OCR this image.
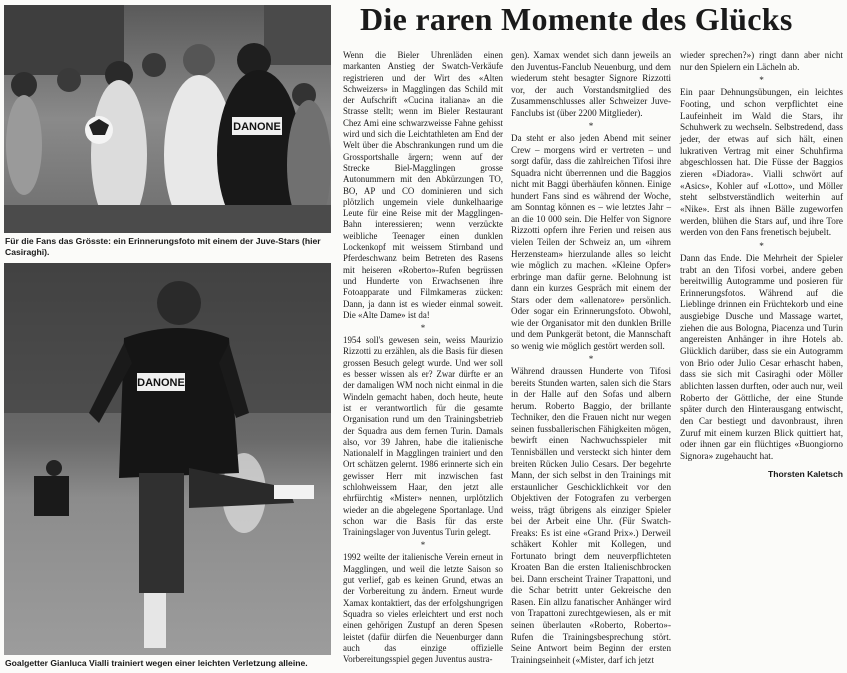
DANONE
Für die Fans das Grösste: ein Erinnerungsfoto mit einem der Juve-Stars (hier Casiraghi).
DANONE
Goalgetter Gianluca Vialli trainiert wegen einer leichten Verletzung alleine.
Die raren Momente des Glücks

Wenn die Bieler Uhrenläden einen markanten Anstieg der Swatch-Verkäufe registrieren und der Wirt des «Alten Schweizers» in Magglingen das Schild mit der Aufschrift «Cucina italiana» an die Strasse stellt; wenn im Bieler Restaurant Chez Ami eine schwarzweisse Fahne gehisst wird und sich die Leichtathleten am End der Welt über die Abschrankungen rund um die Grossportshalle ärgern; wenn auf der Strecke Biel-Magglingen grosse Autonummern mit den Abkürzungen TO, BO, AP und CO dominieren und sich plötzlich ungemein viele dunkelhaarige Leute für eine Reise mit der Magglingen-Bahn interessieren; wenn verzückte weibliche Teenager einen dunklen Lockenkopf mit weissem Stirnband und Pferdeschwanz beim Betreten des Rasens mit heiseren «Roberto»-Rufen begrüssen und Hunderte von Erwachsenen ihre Fotoapparate und Filmkameras zücken: Dann, ja dann ist es wieder einmal soweit. Die «Alte Dame» ist da!

*

1954 soll's gewesen sein, weiss Maurizio Rizzotti zu erzählen, als die Basis für diesen grossen Besuch gelegt wurde. Und wer soll es besser wissen als er? Zwar dürfte er an der damaligen WM noch nicht einmal in die Windeln gemacht haben, doch heute, heute ist er verantwortlich für die gesamte Organisation rund um den Trainingsbetrieb der Squadra aus dem fernen Turin. Damals also, vor 39 Jahren, habe die italienische Nationalelf in Magglingen trainiert und den Ort schätzen gelernt. 1986 erinnerte sich ein gewisser Herr mit inzwischen fast schlohweissem Haar, den jetzt alle ehrfürchtig «Mister» nennen, urplötzlich wieder an die abgelegene Sportanlage. Und schon war die Basis für das erste Trainingslager von Juventus Turin gelegt.

*

1992 weilte der italienische Verein erneut in Magglingen, und weil die letzte Saison so gut verlief, gab es keinen Grund, etwas an der Vorbereitung zu ändern. Erneut wurde Xamax kontaktiert, das der erfolgshungrigen Squadra so vieles erleichtert und erst noch einen gehörigen Zustupf an deren Spesen leistet (dafür dürfen die Neuenburger dann auch das einzige offizielle Vorbereitungsspiel gegen Juventus austra-

gen). Xamax wendet sich dann jeweils an den Juventus-Fanclub Neuenburg, und dem wiederum steht besagter Signore Rizzotti vor, der auch Vorstandsmitglied des Zusammenschlusses aller Schweizer Juve-Fanclubs ist (über 2200 Mitglieder).

*

Da steht er also jeden Abend mit seiner Crew – morgens wird er vertreten – und sorgt dafür, dass die zahlreichen Tifosi ihre Squadra nicht überrennen und die Baggios nicht mit Baggi überhäufen können. Einige hundert Fans sind es während der Woche, am Sonntag können es – wie letztes Jahr – an die 10 000 sein. Die Helfer von Signore Rizzotti opfern ihre Ferien und reisen aus vielen Teilen der Schweiz an, um «ihrem Herzensteam» hierzulande alles so leicht wie möglich zu machen. «Kleine Opfer» erbringe man dafür gerne. Belohnung ist dann ein kurzes Gespräch mit einem der Stars oder dem «allenatore» persönlich. Oder sogar ein Erinnerungsfoto. Obwohl, wie der Organisator mit den dunklen Brille und dem Punkgerät betont, die Mannschaft so wenig wie möglich gestört werden soll.

*

Während draussen Hunderte von Tifosi bereits Stunden warten, salen sich die Stars in der Halle auf den Sofas und albern herum. Roberto Baggio, der brillante Techniker, den die Frauen nicht nur wegen seinen fussballerischen Fähigkeiten mögen, bewirft einen Nachwuchsspieler mit Tennisbällen und versteckt sich hinter dem breiten Rücken Julio Cesars. Der begehrte Mann, der sich selbst in den Trainings mit erstaunlicher Geschicklichkeit vor den Objektiven der Fotografen zu verbergen weiss, trägt übrigens als einziger Spieler bei der Arbeit eine Uhr. (Für Swatch-Freaks: Es ist eine «Grand Prix».) Derweil schäkert Kohler mit Kollegen, und Fortunato bringt dem neuverpflichteten Kroaten Ban die ersten Italienischbrocken bei. Dann erscheint Trainer Trapattoni, und die Schar betritt unter Gekreische den Rasen. Ein allzu fanatischer Anhänger wird von Trapattoni zurechtgewiesen, als er mit seinen überlauten «Roberto, Roberto»-Rufen die Trainingsbesprechung stört. Seine Antwort beim Beginn der ersten Trainingseinheit («Mister, darf ich jetzt

wieder sprechen?») ringt dann aber nicht nur den Spielern ein Lächeln ab.

*

Ein paar Dehnungsübungen, ein leichtes Footing, und schon verpflichtet eine Laufeinheit im Wald die Stars, ihr Schuhwerk zu wechseln. Selbstredend, dass jeder, der etwas auf sich hält, einen lukrativen Vertrag mit einer Schuhfirma abgeschlossen hat. Die Füsse der Baggios zieren «Diadora». Vialli schwört auf «Asics», Kohler auf «Lotto», und Möller steht selbstverständlich weiterhin auf «Nike». Erst als ihnen Bälle zugeworfen werden, blühen die Stars auf, und ihre Tore werden von den Fans frenetisch bejubelt.

*

Dann das Ende. Die Mehrheit der Spieler trabt an den Tifosi vorbei, andere geben bereitwillig Autogramme und posieren für Erinnerungsfotos. Während auf die Lieblinge drinnen ein Früchtekorb und eine ausgiebige Dusche und Massage wartet, ziehen die aus Bologna, Piacenza und Turin angereisten Anhänger in ihre Hotels ab. Glücklich darüber, dass sie ein Autogramm von Brio oder Julio Cesar erhascht haben, dass sie sich mit Casiraghi oder Möller ablichten lassen durften, oder auch nur, weil Roberto der Göttliche, der eine Stunde später durch den Hinterausgang entwischt, den Car bestiegt und davonbraust, ihren Zuruf mit einem kurzen Blick quittiert hat, oder ihnen gar ein flüchtiges «Buongiorno Signora» zugehaucht hat.

Thorsten Kaletsch
